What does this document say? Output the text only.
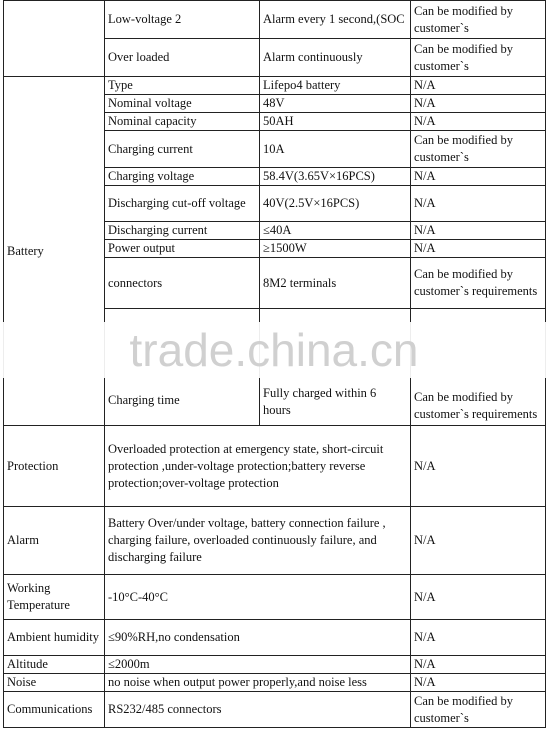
	Low-voltage 2	Alarm every 1 second,(SOC	Can be modified by customer`s
	Over loaded	Alarm continuously	Can be modified by customer`s
Battery	Type	Lifepo4 battery	N/A
	Nominal voltage	48V	N/A
	Nominal capacity	50AH	N/A
	Charging current	10A	Can be modified by customer`s
	Charging voltage	58.4V(3.65V×16PCS)	N/A
	Discharging cut-off voltage	40V(2.5V×16PCS)	N/A
	Discharging current	≤40A	N/A
	Power output	≥1500W	N/A
	connectors	8M2 terminals	Can be modified by customer`s requirements
	Charging time	Fully charged within 6 hours	Can be modified by customer`s requirements
Protection	Overloaded protection at emergency state, short-circuit protection ,under-voltage protection;battery reverse protection;over-voltage protection		N/A
Alarm	Battery Over/under voltage, battery connection failure , charging failure, overloaded continuously failure, and discharging failure		N/A
Working Temperature	-10°C-40°C		N/A
Ambient humidity	≤90%RH,no condensation		N/A
Altitude	≤2000m		N/A
Noise	no noise when output power properly,and noise less		N/A
Communications	RS232/485 connectors		Can be modified by customer`s
trade.china.cn
